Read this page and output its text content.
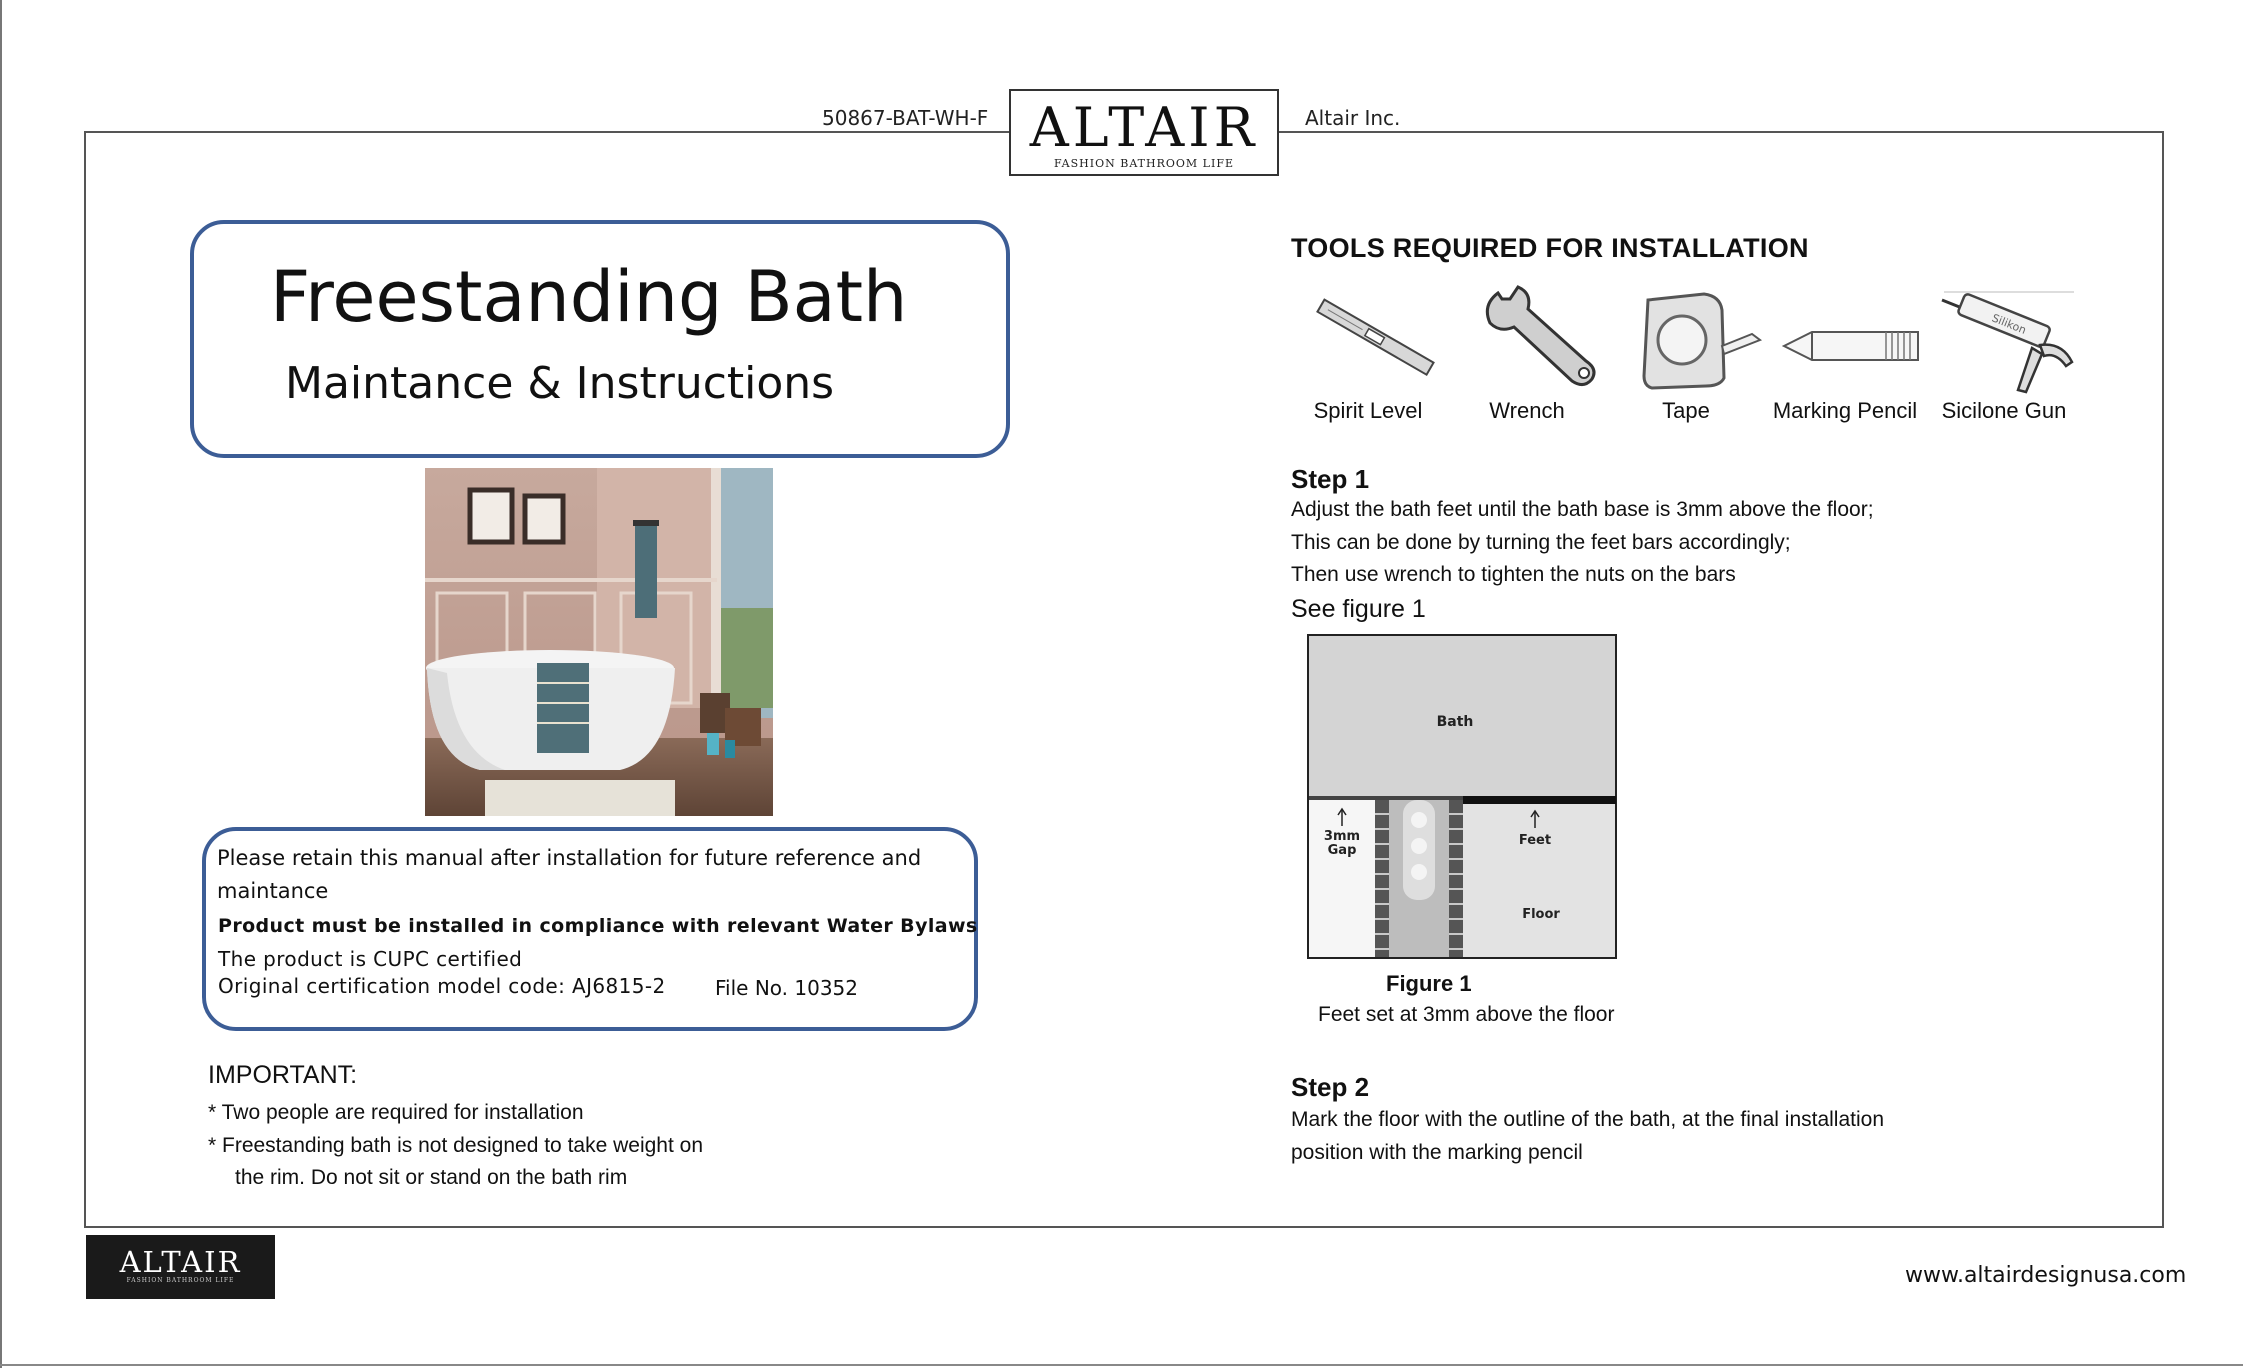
50867-BAT-WH-F ALTAIR
FASHION BATHROOM LIFE
Altair Inc.
Freestanding Bath
Maintance & Instructions
Please retain this manual after installation for future reference and
maintance
Product must be installed in compliance with relevant Water Bylaws
The product is CUPC certified
Original certification model code: AJ6815-2 File No. 10352
IMPORTANT:
* Two people are required for installation
* Freestanding bath is not designed to take weight on
the rim. Do not sit or stand on the bath rim
TOOLS REQUIRED FOR INSTALLATION
Silikon
Spirit Level	Wrench	Tape	Marking Pencil	Sicilone Gun
Step 1
Adjust the bath feet until the bath base is 3mm above the floor;
This can be done by turning the feet bars accordingly;
Then use wrench to tighten the nuts on the bars
See figure 1
Bath
3mm
Gap
Feet
Floor
Figure 1
Feet set at 3mm above the floor
Step 2
Mark the floor with the outline of the bath, at the final installation
position with the marking pencil
ALTAIR
FASHION BATHROOM LIFE	www.altairdesignusa.com
